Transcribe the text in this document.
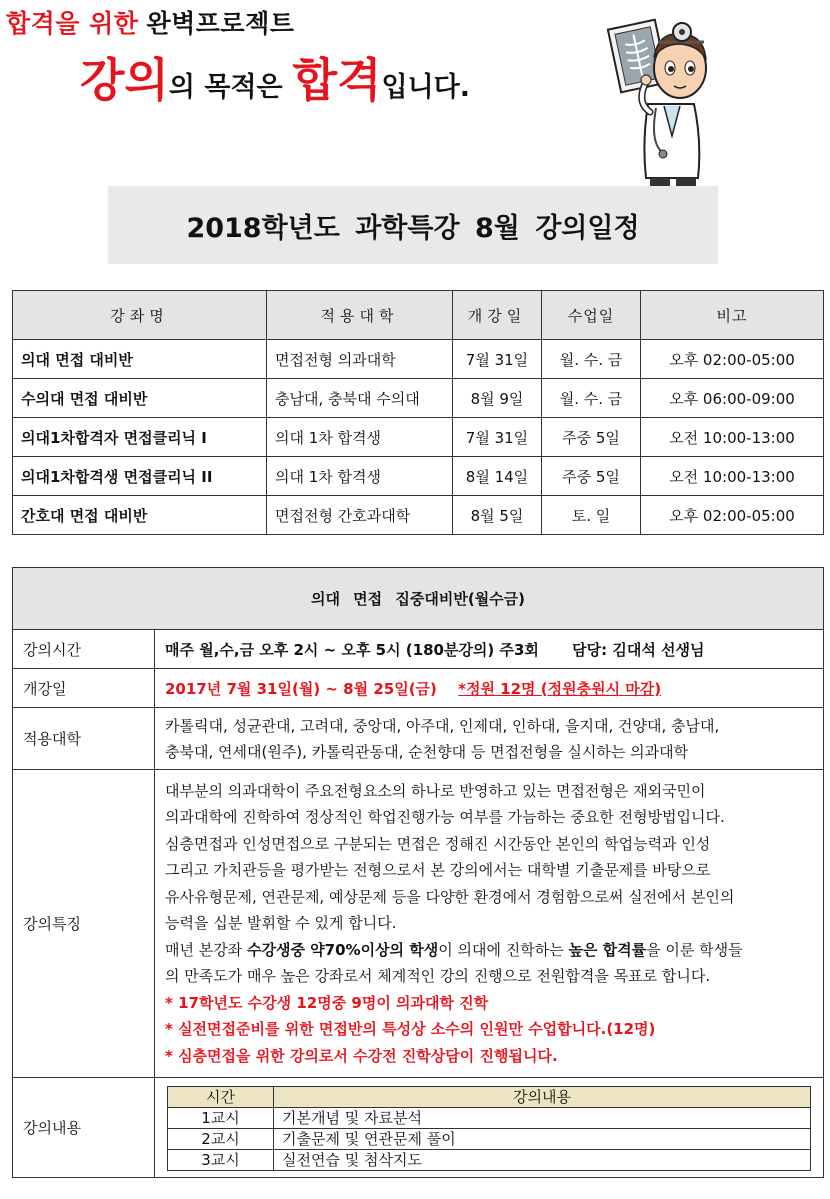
합격을 위한 완벽프로젝트
강의의 목적은 합격입니다.
2018학년도 과학특강 8월 강의일정
강좌명	적용대학	개강일	수업일	비고
의대 면접 대비반	면접전형 의과대학	7월 31일	월. 수. 금	오후 02:00-05:00
수의대 면접 대비반	충남대, 충북대 수의대	8월 9일	월. 수. 금	오후 06:00-09:00
의대1차합격자 면접클리닉 I	의대 1차 합격생	7월 31일	주중 5일	오전 10:00-13:00
의대1차합격생 면접클리닉 II	의대 1차 합격생	8월 14일	주중 5일	오전 10:00-13:00
간호대 면접 대비반	면접전형 간호과대학	8월 5일	토. 일	오후 02:00-05:00
의대 면접 집중대비반(월수금)
강의시간	매주 월,수,금 오후 2시 ~ 오후 5시 (180분강의) 주3회 담당: 김대석 선생님
개강일	2017년 7월 31일(월) ~ 8월 25일(금) *정원 12명 (정원충원시 마감)
적용대학	

카톨릭대, 성균관대, 고려대, 중앙대, 아주대, 인제대, 인하대, 을지대, 건양대, 충남대,

충북대, 연세대(원주), 카톨릭관동대, 순천향대 등 면접전형을 실시하는 의과대학

강의특징	

대부분의 의과대학이 주요전형요소의 하나로 반영하고 있는 면접전형은 재외국민이

의과대학에 진학하여 정상적인 학업진행가능 여부를 가늠하는 중요한 전형방법입니다.

심층면접과 인성면접으로 구분되는 면접은 정해진 시간동안 본인의 학업능력과 인성

그리고 가치관등을 평가받는 전형으로서 본 강의에서는 대학별 기출문제를 바탕으로

유사유형문제, 연관문제, 예상문제 등을 다양한 환경에서 경험함으로써 실전에서 본인의

능력을 십분 발휘할 수 있게 합니다.

매년 본강좌 수강생중 약70%이상의 학생이 의대에 진학하는 높은 합격률을 이룬 학생들

의 만족도가 매우 높은 강좌로서 체계적인 강의 진행으로 전원합격을 목표로 합니다.

* 17학년도 수강생 12명중 9명이 의과대학 진학

* 실전면접준비를 위한 면접반의 특성상 소수의 인원만 수업합니다.(12명)

* 심층면접을 위한 강의로서 수강전 진학상담이 진행됩니다.

강의내용	
시간	강의내용
1교시	기본개념 및 자료분석
2교시	기출문제 및 연관문제 풀이
3교시	실전연습 및 첨삭지도
